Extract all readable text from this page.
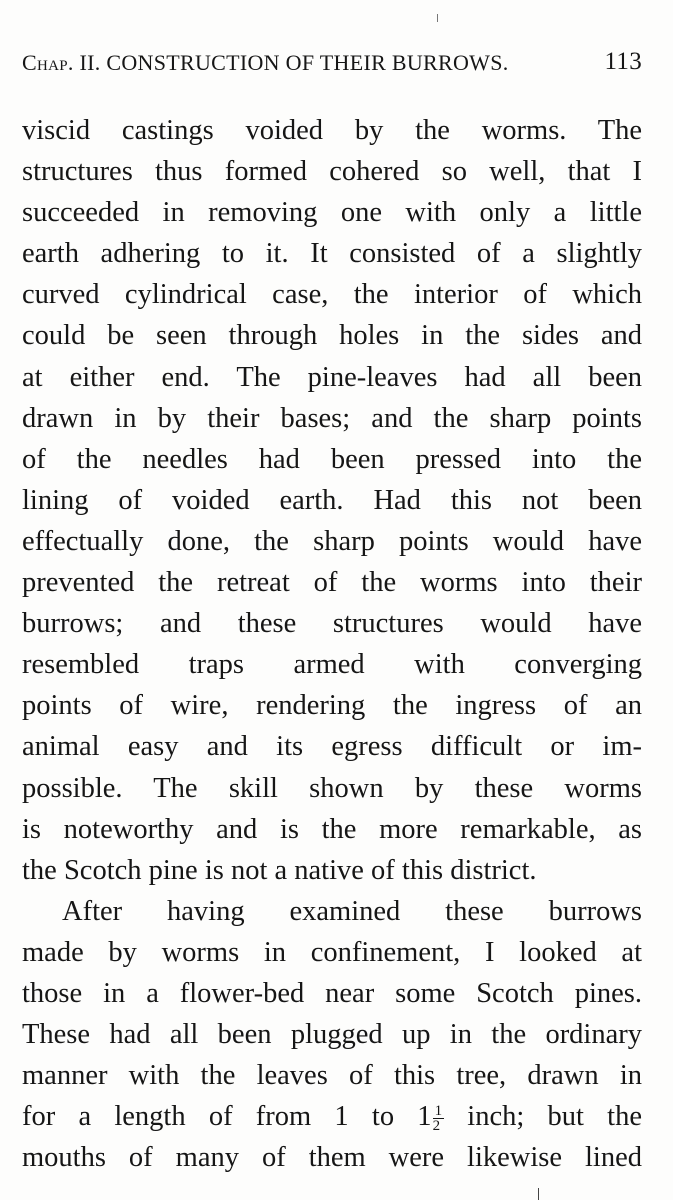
Chap. II. CONSTRUCTION OF THEIR BURROWS.	113
viscid castings voided by the worms. The
structures thus formed cohered so well, that I
succeeded in removing one with only a little
earth adhering to it. It consisted of a slightly
curved cylindrical case, the interior of which
could be seen through holes in the sides and
at either end. The pine-leaves had all been
drawn in by their bases; and the sharp points
of the needles had been pressed into the
lining of voided earth. Had this not been
effectually done, the sharp points would have
prevented the retreat of the worms into their
burrows; and these structures would have
resembled traps armed with converging
points of wire, rendering the ingress of an
animal easy and its egress difficult or im-
possible. The skill shown by these worms
is noteworthy and is the more remarkable, as
the Scotch pine is not a native of this district.
After having examined these burrows
made by worms in confinement, I looked at
those in a flower-bed near some Scotch pines.
These had all been plugged up in the ordinary
manner with the leaves of this tree, drawn in
for a length of from 1 to $1 \frac{1}{2}$ inch; but the
mouths of many of them were likewise lined
